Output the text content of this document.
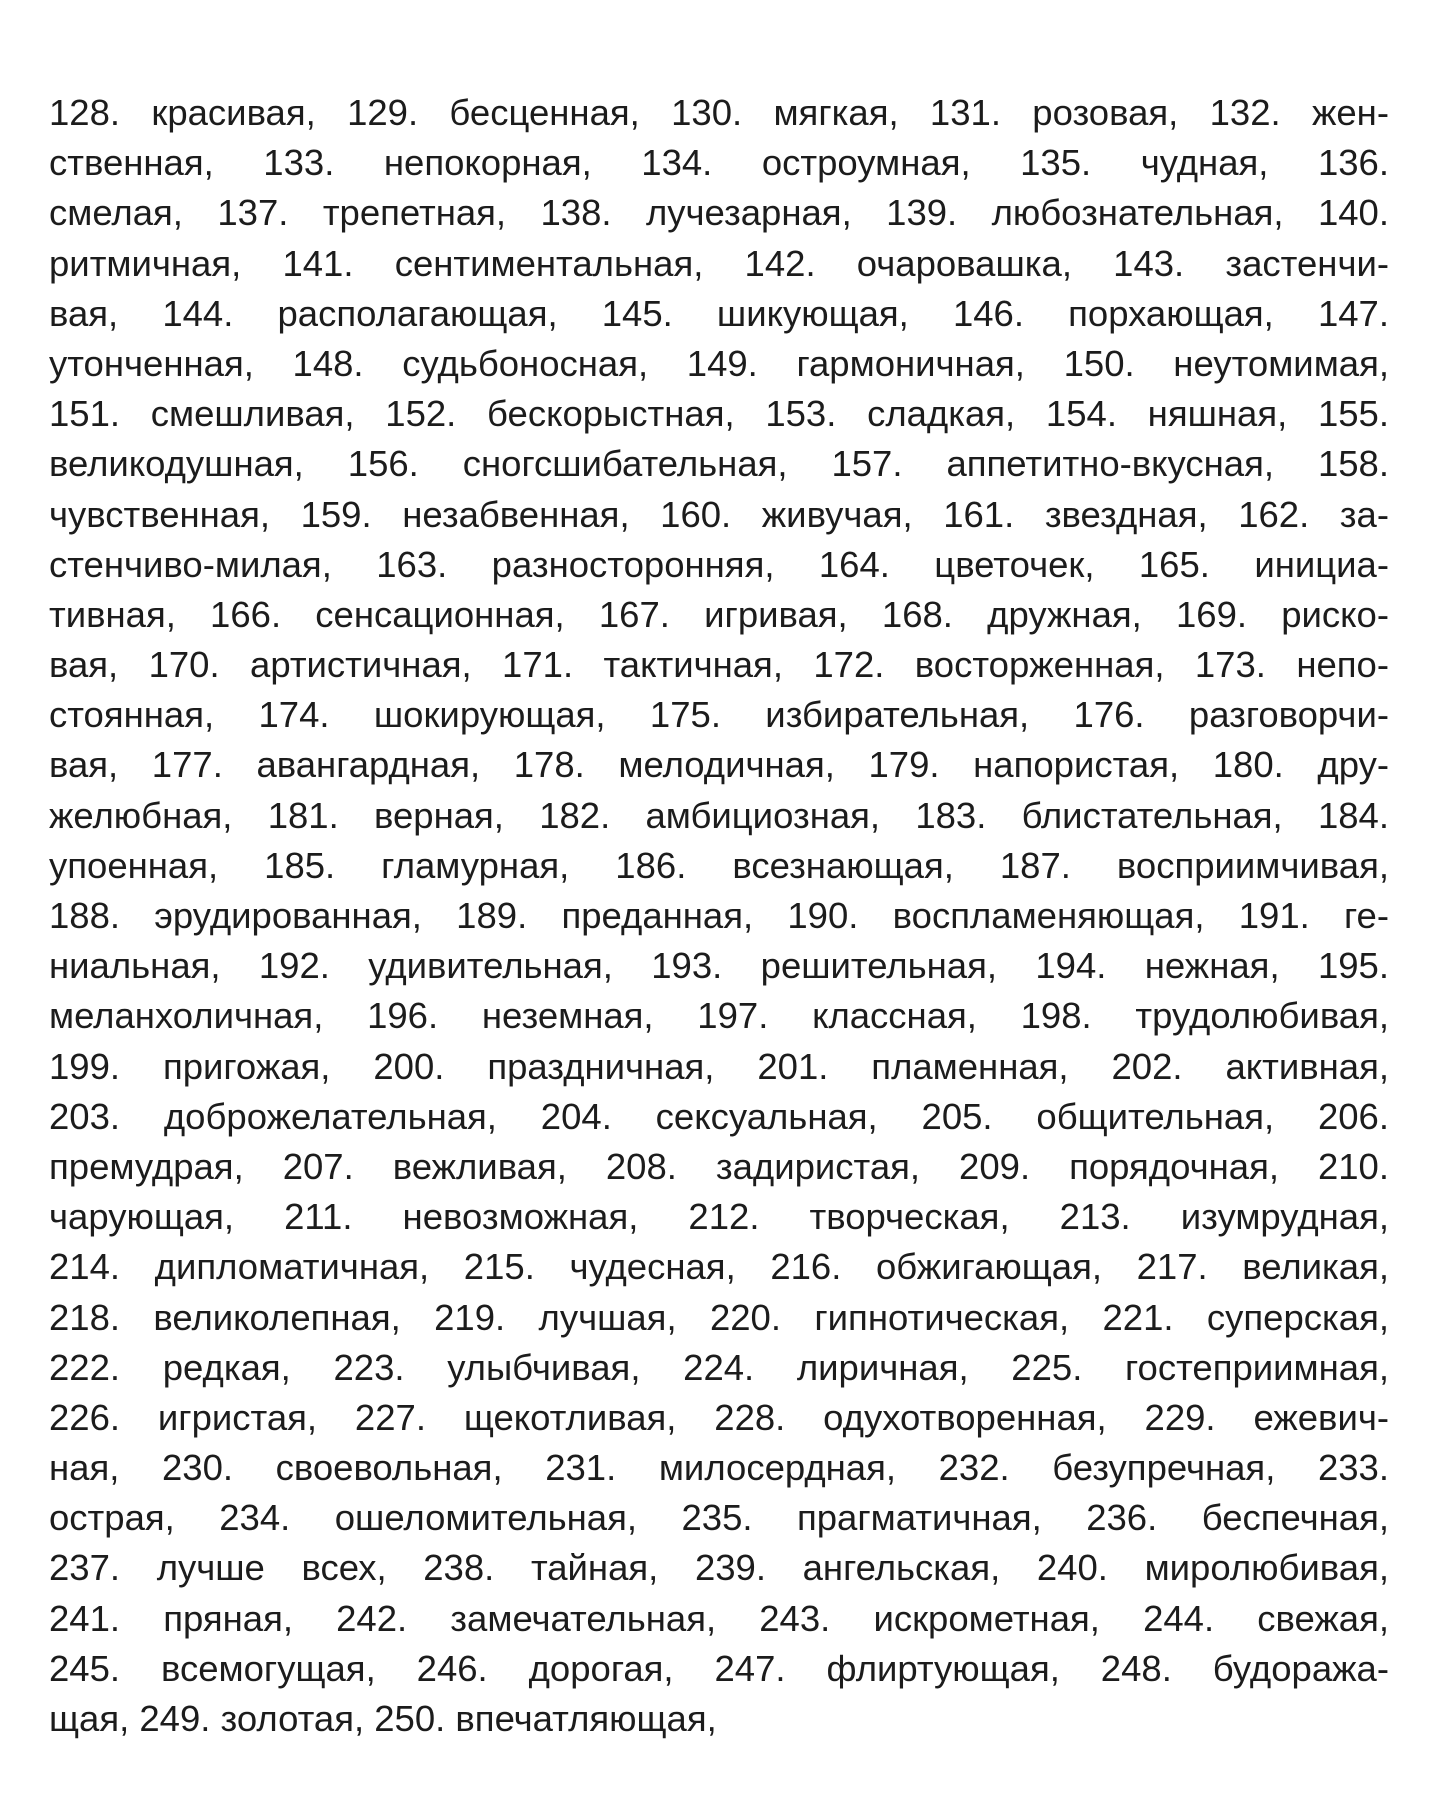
128. красивая, 129. бесценная, 130. мягкая, 131. розовая, 132. жен-
ственная, 133. непокорная, 134. остроумная, 135. чудная, 136.
смелая, 137. трепетная, 138. лучезарная, 139. любознательная, 140.
ритмичная, 141. сентиментальная, 142. очаровашка, 143. застенчи-
вая, 144. располагающая, 145. шикующая, 146. порхающая, 147.
утонченная, 148. судьбоносная, 149. гармоничная, 150. неутомимая,
151. смешливая, 152. бескорыстная, 153. сладкая, 154. няшная, 155.
великодушная, 156. сногсшибательная, 157. аппетитно-вкусная, 158.
чувственная, 159. незабвенная, 160. живучая, 161. звездная, 162. за-
стенчиво-милая, 163. разносторонняя, 164. цветочек, 165. инициа-
тивная, 166. сенсационная, 167. игривая, 168. дружная, 169. риско-
вая, 170. артистичная, 171. тактичная, 172. восторженная, 173. непо-
стоянная, 174. шокирующая, 175. избирательная, 176. разговорчи-
вая, 177. авангардная, 178. мелодичная, 179. напористая, 180. дру-
желюбная, 181. верная, 182. амбициозная, 183. блистательная, 184.
упоенная, 185. гламурная, 186. всезнающая, 187. восприимчивая,
188. эрудированная, 189. преданная, 190. воспламеняющая, 191. ге-
ниальная, 192. удивительная, 193. решительная, 194. нежная, 195.
меланхоличная, 196. неземная, 197. классная, 198. трудолюбивая,
199. пригожая, 200. праздничная, 201. пламенная, 202. активная,
203. доброжелательная, 204. сексуальная, 205. общительная, 206.
премудрая, 207. вежливая, 208. задиристая, 209. порядочная, 210.
чарующая, 211. невозможная, 212. творческая, 213. изумрудная,
214. дипломатичная, 215. чудесная, 216. обжигающая, 217. великая,
218. великолепная, 219. лучшая, 220. гипнотическая, 221. суперская,
222. редкая, 223. улыбчивая, 224. лиричная, 225. гостеприимная,
226. игристая, 227. щекотливая, 228. одухотворенная, 229. ежевич-
ная, 230. своевольная, 231. милосердная, 232. безупречная, 233.
острая, 234. ошеломительная, 235. прагматичная, 236. беспечная,
237. лучше всех, 238. тайная, 239. ангельская, 240. миролюбивая,
241. пряная, 242. замечательная, 243. искрометная, 244. свежая,
245. всемогущая, 246. дорогая, 247. флиртующая, 248. будоража-
щая, 249. золотая, 250. впечатляющая,
